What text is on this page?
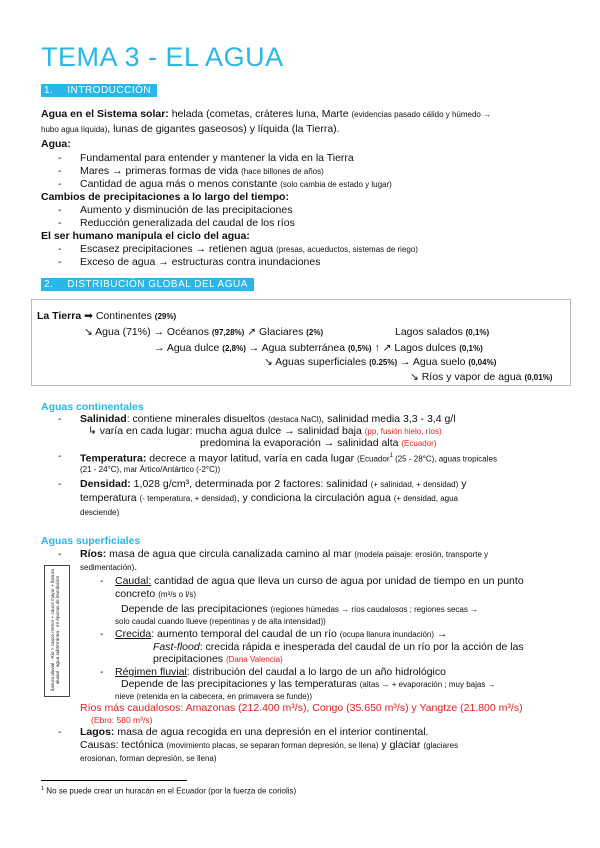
TEMA 3 - EL AGUA
1. INTRODUCCIÓN
Agua en el Sistema solar: helada (cometas, cráteres luna, Marte (evidencias pasado cálido y húmedo →
hubo agua líquida), lunas de gigantes gaseosos) y líquida (la Tierra).
Agua:
- Fundamental para entender y mantener la vida en la Tierra
- Mares → primeras formas de vida (hace billones de años)
- Cantidad de agua más o menos constante (solo cambia de estado y lugar)
Cambios de precipitaciones a lo largo del tiempo:
- Aumento y disminución de las precipitaciones
- Reducción generalizada del caudal de los ríos
El ser humano manipula el ciclo del agua:
- Escasez precipitaciones → retienen agua (presas, acueductos, sistemas de riego)
- Exceso de agua → estructuras contra inundaciones
2. DISTRIBUCIÓN GLOBAL DEL AGUA
La Tierra ➡ Continentes (29%)
↘ Agua (71%) → Océanos (97,28%) ↗ Glaciares (2%)	Lagos salados (0,1%)
→ Agua dulce (2,8%) → Agua subterránea (0,5%) ↑ ↗ Lagos dulces (0,1%)
↘ Aguas superficiales (0.25%) → Agua suelo (0,04%)
↘ Ríos y vapor de agua (0,01%)
Aguas continentales
- Salinidad: contiene minerales disueltos (destaca NaCl), salinidad media 3,3 - 3,4 g/l
↳ varía en cada lugar: mucha agua dulce → salinidad baja (pp, fusión hielo, ríos)
predomina la evaporación → salinidad alta (Ecuador)
- Temperatura: decrece a mayor latitud, varía en cada lugar (Ecuador$^1$ (25 - 28°C), aguas tropicales
(21 - 24°C), mar Ártico/Antártico (-2°C))
- Densidad: 1,028 g/cm³, determinada por 2 factores: salinidad (+ salinidad, + densidad) y
temperatura (- temperatura, + densidad), y condiciona la circulación agua (+ densidad, agua
desciende)
Aguas superficiales
- Ríos: masa de agua que circula canalizada camino al mar (modela paisaje: erosión, transporte y
sedimentación).
llanura aluvial · Río > cauce menor + cauce mayor + llanura aluvial · agua subterránea · en épocas de inundación	- Caudal: cantidad de agua que lleva un curso de agua por unidad de tiempo en un punto
concreto (m³/s o l/s)
Depende de las precipitaciones (regiones húmedas → ríos caudalosos ; regiones secas →
solo caudal cuando llueve (repentinas y de alta intensidad))
- Crecida: aumento temporal del caudal de un río (ocupa llanura inundación) →
Fast-flood: crecida rápida e inesperada del caudal de un río por la acción de las
precipitaciones (Dana Valencia)
- Régimen fluvial: distribución del caudal a lo largo de un año hidrológico
Depende de las precipitaciones y las temperaturas (altas → + evaporación ; muy bajas →
nieve (retenida en la cabecera, en primavera se funde))
Ríos más caudalosos: Amazonas (212.400 m³/s), Congo (35.650 m³/s) y Yangtze (21.800 m³/s)
(Ebro: 580 m³/s)
- Lagos: masa de agua recogida en una depresión en el interior continental.
Causas: tectónica (movimiento placas, se separan forman depresión, se llena) y glaciar (glaciares
erosionan, forman depresión, se llena)
$^1$ No se puede crear un huracán en el Ecuador (por la fuerza de coriolis)
